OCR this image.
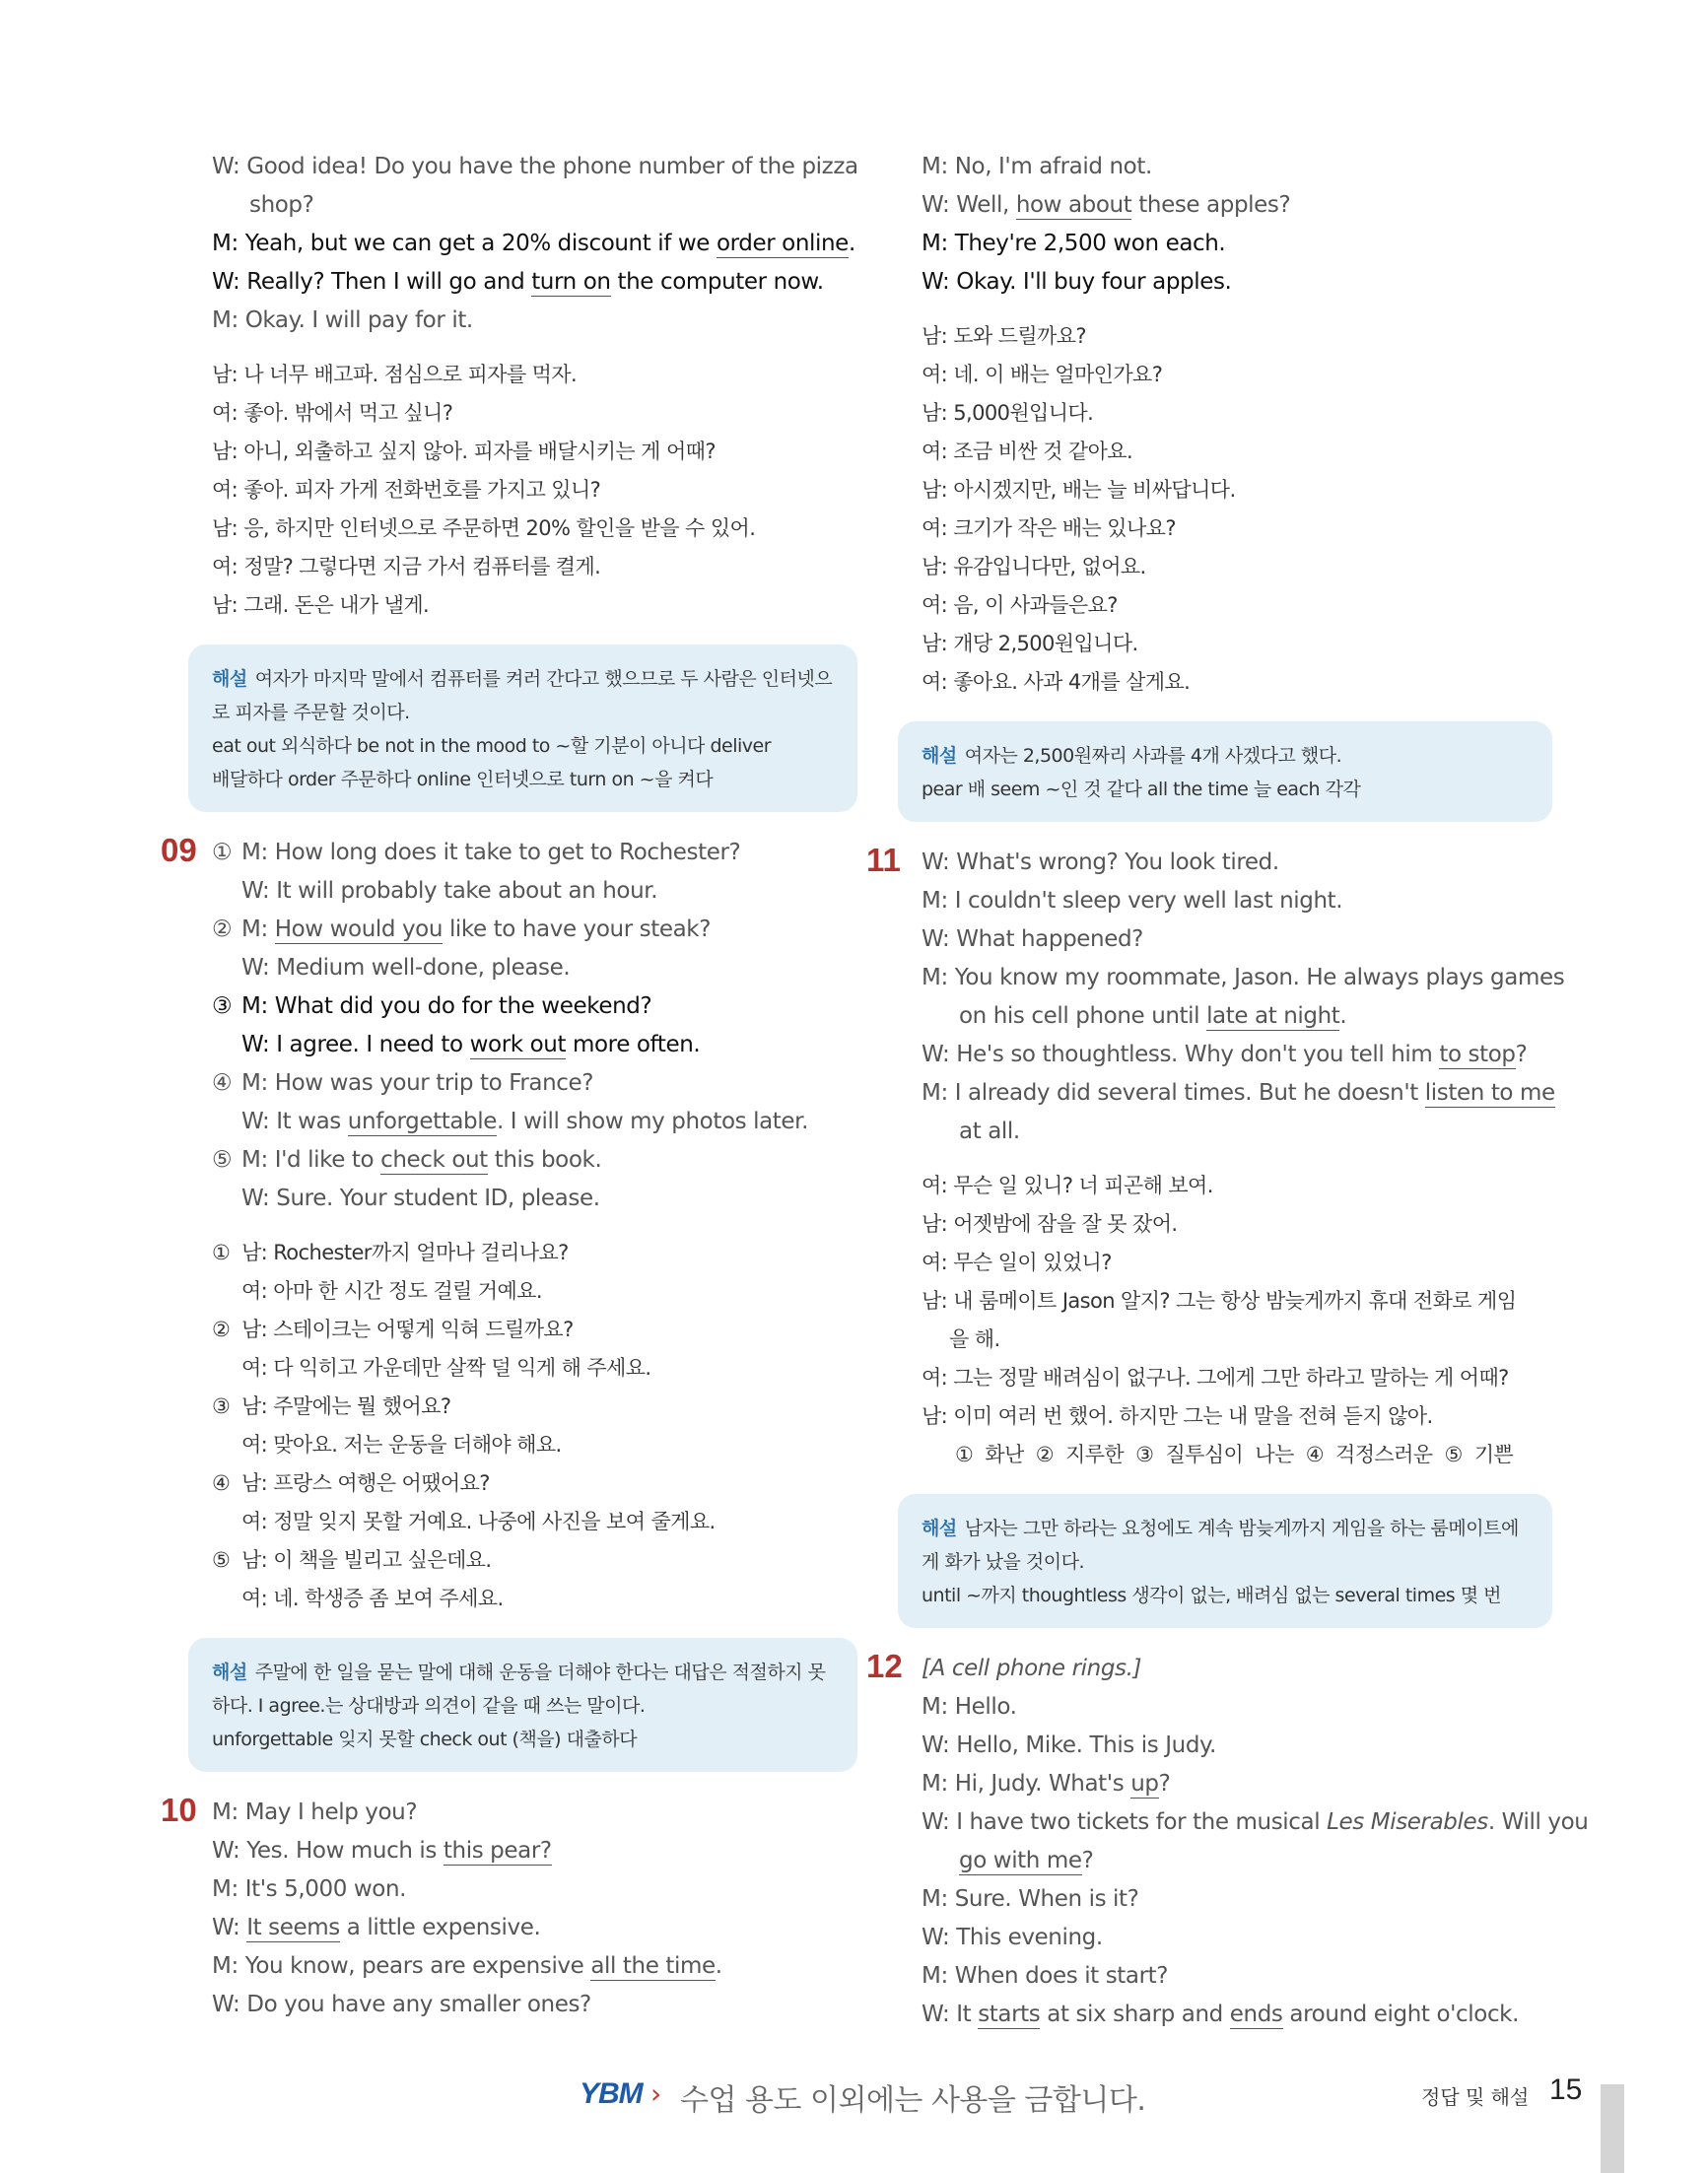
W: Good idea! Do you have the phone number of the pizza
shop?
M: Yeah, but we can get a 20% discount if we order online.
W: Really? Then I will go and turn on the computer now.
M: Okay. I will pay for it.
남: 나 너무 배고파. 점심으로 피자를 먹자.
여: 좋아. 밖에서 먹고 싶니?
남: 아니, 외출하고 싶지 않아. 피자를 배달시키는 게 어때?
여: 좋아. 피자 가게 전화번호를 가지고 있니?
남: 응, 하지만 인터넷으로 주문하면 20% 할인을 받을 수 있어.
여: 정말? 그렇다면 지금 가서 컴퓨터를 켤게.
남: 그래. 돈은 내가 낼게.
해설 여자가 마지막 말에서 컴퓨터를 켜러 간다고 했으므로 두 사람은 인터넷으로 피자를 주문할 것이다.
eat out 외식하다 be not in the mood to ~할 기분이 아니다 deliver
배달하다 order 주문하다 online 인터넷으로 turn on ~을 켜다
09 ① M: How long does it take to get to Rochester?
W: It will probably take about an hour.
② M: How would you like to have your steak?
W: Medium well-done, please.
③ M: What did you do for the weekend?
W: I agree. I need to work out more often.
④ M: How was your trip to France?
W: It was unforgettable. I will show my photos later.
⑤ M: I'd like to check out this book.
W: Sure. Your student ID, please.
① 남: Rochester까지 얼마나 걸리나요?
여: 아마 한 시간 정도 걸릴 거예요.
② 남: 스테이크는 어떻게 익혀 드릴까요?
여: 다 익히고 가운데만 살짝 덜 익게 해 주세요.
③ 남: 주말에는 뭘 했어요?
여: 맞아요. 저는 운동을 더해야 해요.
④ 남: 프랑스 여행은 어땠어요?
여: 정말 잊지 못할 거예요. 나중에 사진을 보여 줄게요.
⑤ 남: 이 책을 빌리고 싶은데요.
여: 네. 학생증 좀 보여 주세요.
해설 주말에 한 일을 묻는 말에 대해 운동을 더해야 한다는 대답은 적절하지 못하다. I agree.는 상대방과 의견이 같을 때 쓰는 말이다.
unforgettable 잊지 못할 check out (책을) 대출하다
10 M: May I help you?
W: Yes. How much is this pear?
M: It's 5,000 won.
W: It seems a little expensive.
M: You know, pears are expensive all the time.
W: Do you have any smaller ones?
M: No, I'm afraid not.
W: Well, how about these apples?
M: They're 2,500 won each.
W: Okay. I'll buy four apples.
남: 도와 드릴까요?
여: 네. 이 배는 얼마인가요?
남: 5,000원입니다.
여: 조금 비싼 것 같아요.
남: 아시겠지만, 배는 늘 비싸답니다.
여: 크기가 작은 배는 있나요?
남: 유감입니다만, 없어요.
여: 음, 이 사과들은요?
남: 개당 2,500원입니다.
여: 좋아요. 사과 4개를 살게요.
해설 여자는 2,500원짜리 사과를 4개 사겠다고 했다.
pear 배 seem ~인 것 같다 all the time 늘 each 각각
11 W: What's wrong? You look tired.
M: I couldn't sleep very well last night.
W: What happened?
M: You know my roommate, Jason. He always plays games
on his cell phone until late at night.
W: He's so thoughtless. Why don't you tell him to stop?
M: I already did several times. But he doesn't listen to me
at all.
여: 무슨 일 있니? 너 피곤해 보여.
남: 어젯밤에 잠을 잘 못 잤어.
여: 무슨 일이 있었니?
남: 내 룸메이트 Jason 알지? 그는 항상 밤늦게까지 휴대 전화로 게임
을 해.
여: 그는 정말 배려심이 없구나. 그에게 그만 하라고 말하는 게 어때?
남: 이미 여러 번 했어. 하지만 그는 내 말을 전혀 듣지 않아.
① 화난 ② 지루한 ③ 질투심이 나는 ④ 걱정스러운 ⑤ 기쁜
해설 남자는 그만 하라는 요청에도 계속 밤늦게까지 게임을 하는 룸메이트에게 화가 났을 것이다.
until ~까지 thoughtless 생각이 없는, 배려심 없는 several times 몇 번
12 [A cell phone rings.]
M: Hello.
W: Hello, Mike. This is Judy.
M: Hi, Judy. What's up?
W: I have two tickets for the musical Les Miserables. Will you
go with me?
M: Sure. When is it?
W: This evening.
M: When does it start?
W: It starts at six sharp and ends around eight o'clock.
YBM › 수업 용도 이외에는 사용을 금합니다.	정답 및 해설 15
